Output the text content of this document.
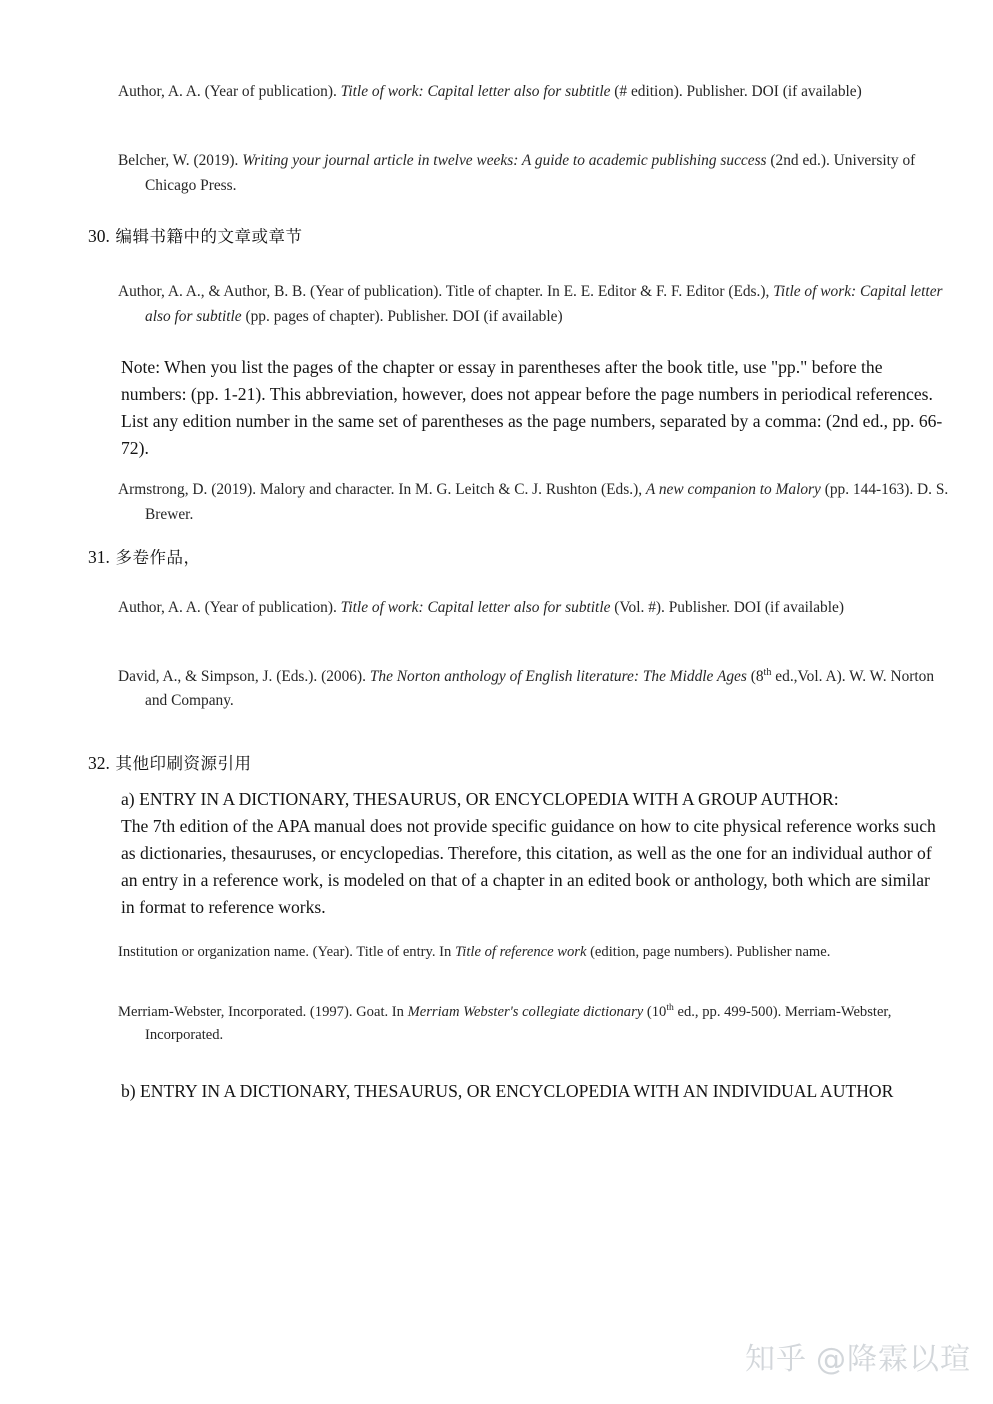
Author, A. A. (Year of publication). Title of work: Capital letter also for subtitle (# edition). Publisher. DOI (if available)

Belcher, W. (2019). Writing your journal article in twelve weeks: A guide to academic publishing success (2nd ed.). University of Chicago Press.

30. 编辑书籍中的文章或章节

Author, A. A., & Author, B. B. (Year of publication). Title of chapter. In E. E. Editor & F. F. Editor (Eds.), Title of work: Capital letter also for subtitle (pp. pages of chapter). Publisher. DOI (if available)

Note: When you list the pages of the chapter or essay in parentheses after the book title, use "pp." before the numbers: (pp. 1-21). This abbreviation, however, does not appear before the page numbers in periodical references. List any edition number in the same set of parentheses as the page numbers, separated by a comma: (2nd ed., pp. 66-72).

Armstrong, D. (2019). Malory and character. In M. G. Leitch & C. J. Rushton (Eds.), A new companion to Malory (pp. 144-163). D. S. Brewer.

31. 多卷作品，

Author, A. A. (Year of publication). Title of work: Capital letter also for subtitle (Vol. #). Publisher. DOI (if available)

David, A., & Simpson, J. (Eds.). (2006). The Norton anthology of English literature: The Middle Ages (8th ed.,Vol. A). W. W. Norton and Company.

32. 其他印刷资源引用

a) ENTRY IN A DICTIONARY, THESAURUS, OR ENCYCLOPEDIA WITH A GROUP AUTHOR:

The 7th edition of the APA manual does not provide specific guidance on how to cite physical reference works such as dictionaries, thesauruses, or encyclopedias. Therefore, this citation, as well as the one for an individual author of an entry in a reference work, is modeled on that of a chapter in an edited book or anthology, both which are similar in format to reference works.

Institution or organization name. (Year). Title of entry. In Title of reference work (edition, page numbers). Publisher name.

Merriam-Webster, Incorporated. (1997). Goat. In Merriam Webster's collegiate dictionary (10th ed., pp. 499-500). Merriam-Webster, Incorporated.

b) ENTRY IN A DICTIONARY, THESAURUS, OR ENCYCLOPEDIA WITH AN INDIVIDUAL AUTHOR

知乎 @降霖以瑄
